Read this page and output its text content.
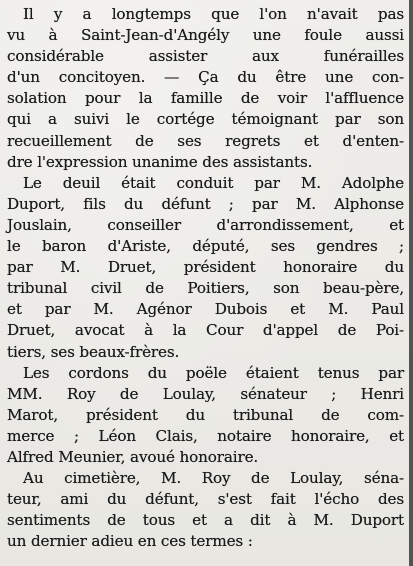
Il y a longtemps que l'on n'avait pas
vu à Saint-Jean-d'Angély une foule aussi
considérable assister aux funérailles
d'un concitoyen. — Ça du être une con-
solation pour la famille de voir l'affluence
qui a suivi le cortége témoignant par son
recueillement de ses regrets et d'enten-
dre l'expression unanime des assistants.
Le deuil était conduit par M. Adolphe
Duport, fils du défunt ; par M. Alphonse
Jouslain, conseiller d'arrondissement, et
le baron d'Ariste, député, ses gendres ;
par M. Druet, président honoraire du
tribunal civil de Poitiers, son beau-père,
et par M. Agénor Dubois et M. Paul
Druet, avocat à la Cour d'appel de Poi-
tiers, ses beaux-frères.
Les cordons du poële étaient tenus par
MM. Roy de Loulay, sénateur ; Henri
Marot, président du tribunal de com-
merce ; Léon Clais, notaire honoraire, et
Alfred Meunier, avoué honoraire.
Au cimetière, M. Roy de Loulay, séna-
teur, ami du défunt, s'est fait l'écho des
sentiments de tous et a dit à M. Duport
un dernier adieu en ces termes :
